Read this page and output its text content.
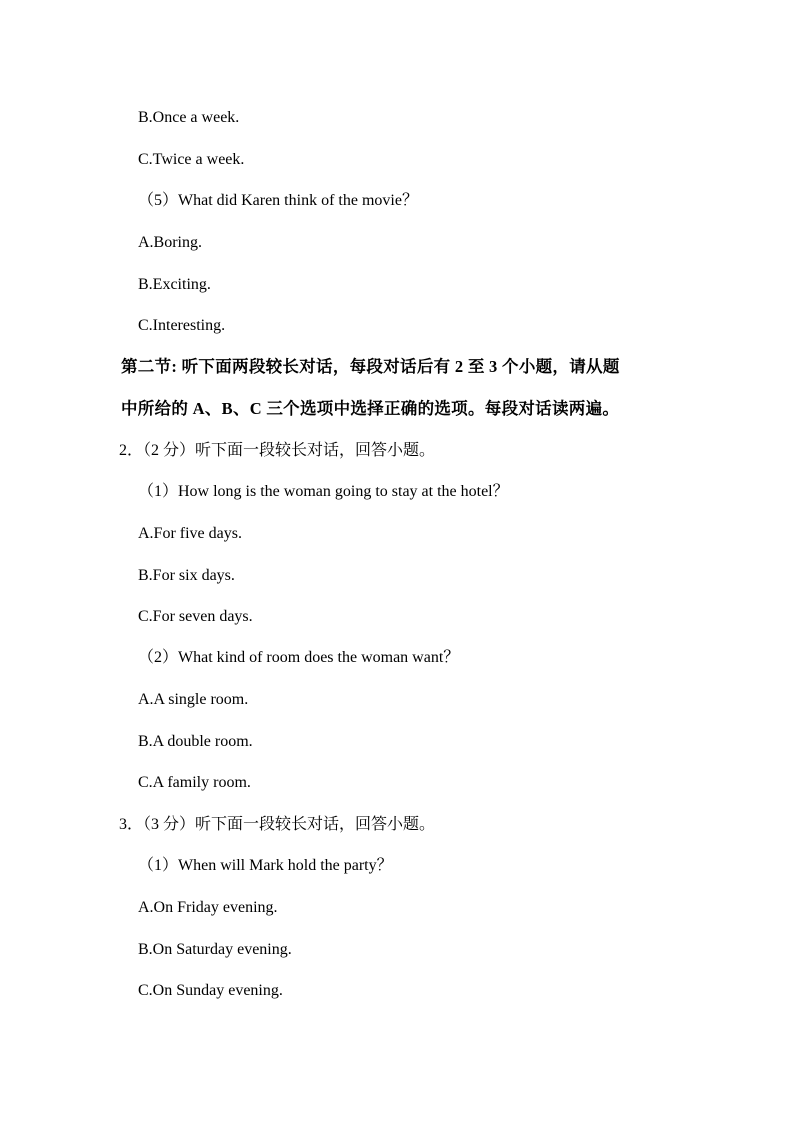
B.Once a week.
C.Twice a week.
（5）What did Karen think of the movie？
A.Boring.
B.Exciting.
C.Interesting.
第二节: 听下面两段较长对话，每段对话后有 2 至 3 个小题，请从题
中所给的 A、B、C 三个选项中选择正确的选项。每段对话读两遍。
2．（2 分）听下面一段较长对话，回答小题。
（1）How long is the woman going to stay at the hotel？
A.For five days.
B.For six days.
C.For seven days.
（2）What kind of room does the woman want？
A.A single room.
B.A double room.
C.A family room.
3．（3 分）听下面一段较长对话，回答小题。
（1）When will Mark hold the party？
A.On Friday evening.
B.On Saturday evening.
C.On Sunday evening.
